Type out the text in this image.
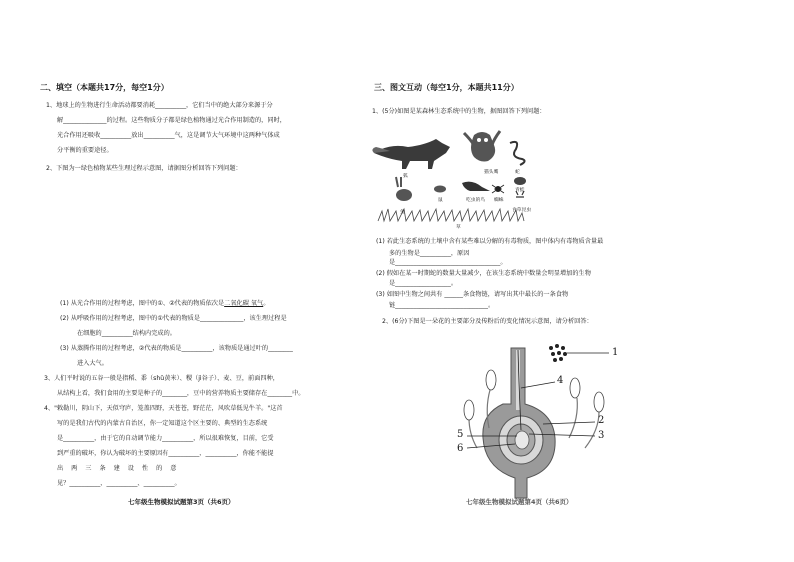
二、填空（本题共17分，每空1分）
1、地球上的生物进行生命活动都要消耗__________，它们当中的绝大部分来源于分
解______________的过程。这些物质分子都是绿色植物通过光合作用制造的，同时，
光合作用还吸收__________放出__________气，这是调节大气环境中这两种气体成
分平衡的重要途径。
2、下图为一绿色植物某些生理过程示意图，请据图分析回答下列问题：
(1) 从光合作用的过程考虑，图中的①、②代表的物质依次是二氧化碳 氧气。
(2) 从呼吸作用的过程考虑，图中的①代表的物质是______________，该生理过程是
在细胞的__________结构内完成的。
(3) 从蒸腾作用的过程考虑，②代表的物质是__________，该物质是通过叶的________
进入大气。
3、人们平时说的五谷一般是指稻、黍（shǔ黄米）、稷（jì谷子）、麦、豆，前面四种，
从结构上看，我们食用的主要是种子的________，豆中的营养物质主要储存在________中。
4、"敕勒川，阴山下，天似穹庐，笼盖四野，天苍苍，野茫茫，风吹草低见牛羊。"这首
写的是我们古代的内蒙古自治区，你一定知道这个区主要的、典型的生态系统
是__________，由于它的自动调节能力__________，所以很难恢复，目前，它受
到严重的破坏，你认为破坏的主要原因有__________、__________，你能不能提
出 两 三 条 建 设 性 的 意
见？__________、__________、__________。
七年级生物模拟试题第3页（共6页）
三、图文互动（每空1分，本题共11分）
1、(5分)如图是某森林生态系统中的生物，据图回答下列问题：
狐
猫头鹰	蛇
兔
鼠	吃虫的鸟 蜘蛛
青蛙
食草昆虫
草
(1) 若此生态系统的土壤中含有某些难以分解的有毒物质，图中体内有毒物质含量最
多的生物是__________，原因
是__________________________________。
(2) 假如在某一时期蛇的数量大量减少，在该生态系统中数量会明显增加的生物
是__________________。
(3) 如图中生物之间共有 ______条食物链，请写出其中最长的一条食物
链______________________________。
2、(6分)下图是一朵花的主要部分及传粉后的变化情况示意图，请分析回答：
1
2
3
4
5
6
七年级生物模拟试题第4页（共6页）
